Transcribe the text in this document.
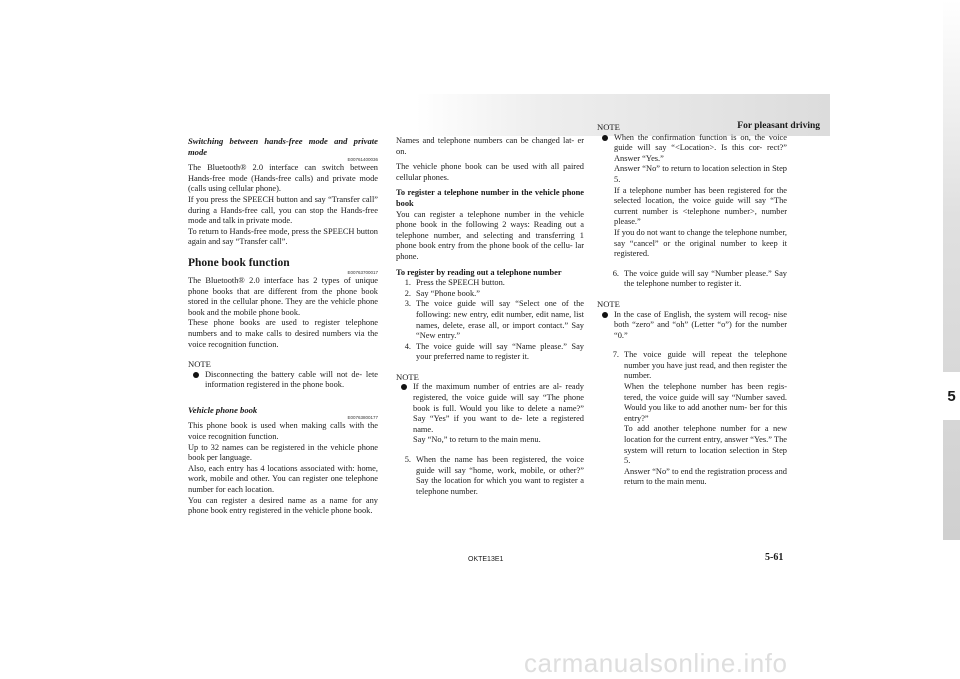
For pleasant driving
5

Switching between hands-free mode and private mode

E00761400036

The Bluetooth® 2.0 interface can switch between Hands-free mode (Hands-free calls) and private mode (calls using cellular phone).

If you press the SPEECH button and say “Transfer call” during a Hands-free call, you can stop the Hands-free mode and talk in private mode.

To return to Hands-free mode, press the SPEECH button again and say “Transfer call”.

Phone book function

E00763700017

The Bluetooth® 2.0 interface has 2 types of unique phone books that are different from the phone book stored in the cellular phone. They are the vehicle phone book and the mobile phone book.

These phone books are used to register telephone numbers and to make calls to desired numbers via the voice recognition function.

NOTE

Disconnecting the battery cable will not de- lete information registered in the phone book.

Vehicle phone book

E00763800177

This phone book is used when making calls with the voice recognition function.

Up to 32 names can be registered in the vehicle phone book per language.

Also, each entry has 4 locations associated with: home, work, mobile and other. You can register one telephone number for each location.

You can register a desired name as a name for any phone book entry registered in the vehicle phone book.

Names and telephone numbers can be changed lat- er on.

The vehicle phone book can be used with all paired cellular phones.

To register a telephone number in the vehicle phone book

You can register a telephone number in the vehicle phone book in the following 2 ways: Reading out a telephone number, and selecting and transferring 1 phone book entry from the phone book of the cellu- lar phone.

To register by reading out a telephone number

1. Press the SPEECH button.
2. Say “Phone book.”
3. The voice guide will say “Select one of the following: new entry, edit number, edit name, list names, delete, erase all, or import contact.” Say “New entry.”
4. The voice guide will say “Name please.” Say your preferred name to register it.

NOTE

If the maximum number of entries are al- ready registered, the voice guide will say “The phone book is full. Would you like to delete a name?” Say “Yes” if you want to de- lete a registered name.
Say “No,” to return to the main menu.
5. When the name has been registered, the voice guide will say “home, work, mobile, or other?” Say the location for which you want to register a telephone number.

NOTE

When the confirmation function is on, the voice guide will say “<Location>. Is this cor- rect?” Answer “Yes.”
Answer “No” to return to location selection in Step 5.
If a telephone number has been registered for the selected location, the voice guide will say “The current number is <telephone number>, number please.”
If you do not want to change the telephone number, say “cancel” or the original number to keep it registered.
6. The voice guide will say “Number please.” Say the telephone number to register it.

NOTE

In the case of English, the system will recog- nise both “zero” and “oh” (Letter “o”) for the number “0.”
7. The voice guide will repeat the telephone number you have just read, and then register the number.
When the telephone number has been regis- tered, the voice guide will say “Number saved. Would you like to add another num- ber for this entry?”
To add another telephone number for a new location for the current entry, answer “Yes.” The system will return to location selection in Step 5.
Answer “No” to end the registration process and return to the main menu.
OKTE13E1	5-61
carmanualsonline.info
